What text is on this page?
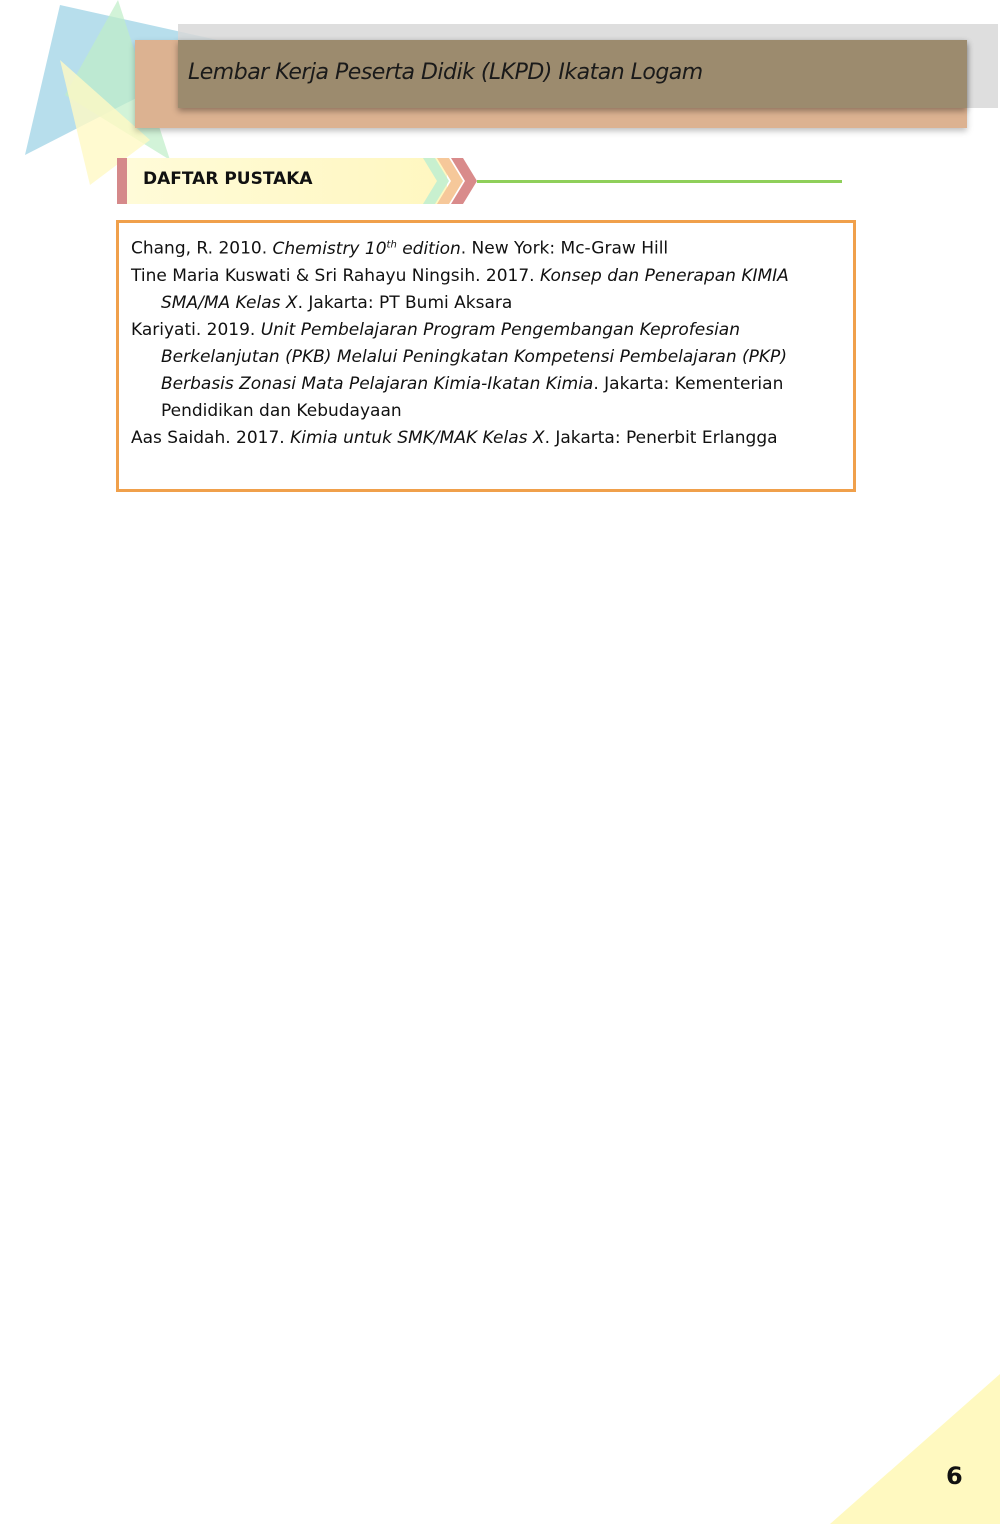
Lembar Kerja Peserta Didik (LKPD) Ikatan Logam
DAFTAR PUSTAKA
Chang, R. 2010. Chemistry 10th edition. New York: Mc-Graw Hill
Tine Maria Kuswati & Sri Rahayu Ningsih. 2017. Konsep dan Penerapan KIMIA SMA/MA Kelas X. Jakarta: PT Bumi Aksara
Kariyati. 2019. Unit Pembelajaran Program Pengembangan Keprofesian Berkelanjutan (PKB) Melalui Peningkatan Kompetensi Pembelajaran (PKP) Berbasis Zonasi Mata Pelajaran Kimia-Ikatan Kimia. Jakarta: Kementerian Pendidikan dan Kebudayaan
Aas Saidah. 2017. Kimia untuk SMK/MAK Kelas X. Jakarta: Penerbit Erlangga
6
